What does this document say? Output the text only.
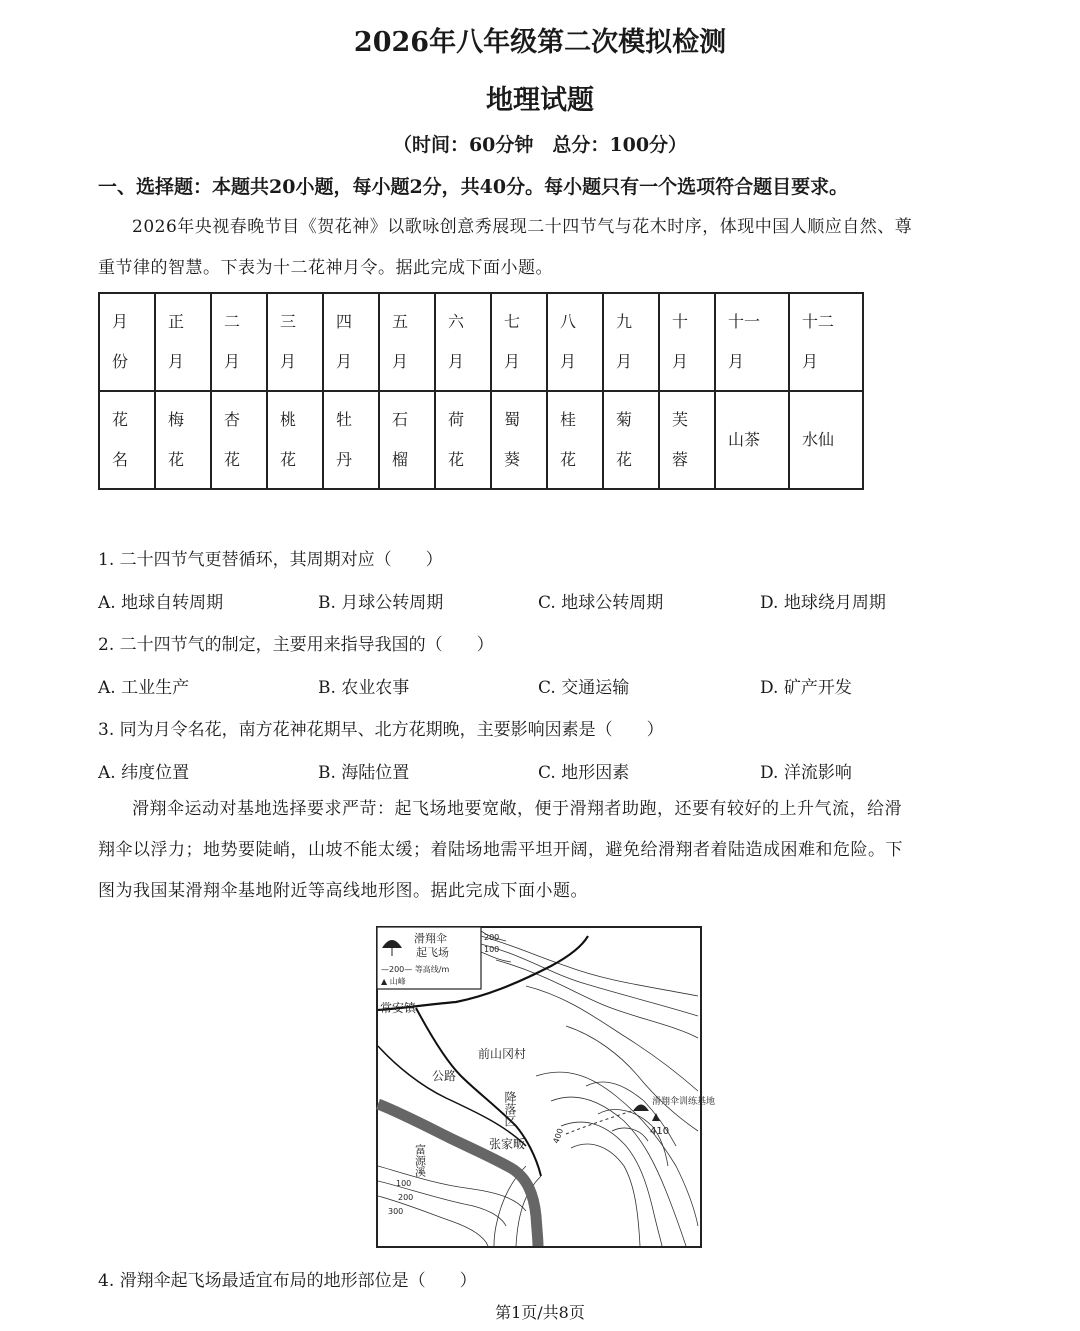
2026年八年级第二次模拟检测
地理试题
（时间：60分钟　总分：100分）
一、选择题：本题共20小题，每小题2分，共40分。每小题只有一个选项符合题目要求。
2026年央视春晚节目《贺花神》以歌咏创意秀展现二十四节气与花木时序，体现中国人顺应自然、尊
重节律的智慧。下表为十二花神月令。据此完成下面小题。
月份	正月	二月	三月	四月	五月	六月	七月	八月	九月	十月	十一月	十二月

花名	梅花	杏花	桃花	牡丹	石榴	荷花	蜀葵	桂花	菊花	芙蓉	山茶	水仙
1. 二十四节气更替循环，其周期对应（　　）
A. 地球自转周期	B. 月球公转周期	C. 地球公转周期	D. 地球绕月周期
2. 二十四节气的制定，主要用来指导我国的（　　）
A. 工业生产	B. 农业农事	C. 交通运输	D. 矿产开发
3. 同为月令名花，南方花神花期早、北方花期晚，主要影响因素是（　　）
A. 纬度位置	B. 海陆位置	C. 地形因素	D. 洋流影响
滑翔伞运动对基地选择要求严苛：起飞场地要宽敞，便于滑翔者助跑，还要有较好的上升气流，给滑
翔伞以浮力；地势要陡峭，山坡不能太缓；着陆场地需平坦开阔，避免给滑翔者着陆造成困难和危险。下
图为我国某滑翔伞基地附近等高线地形图。据此完成下面小题。
滑翔伞
起飞场
—200— 等高线/m
▲ 山峰
常安镇
前山冈村
公路
降落区
张家畈
滑翔伞训练基地
410
富源溪
100
200
300
200
100
400
4. 滑翔伞起飞场最适宜布局的地形部位是（　　）
第1页/共8页
